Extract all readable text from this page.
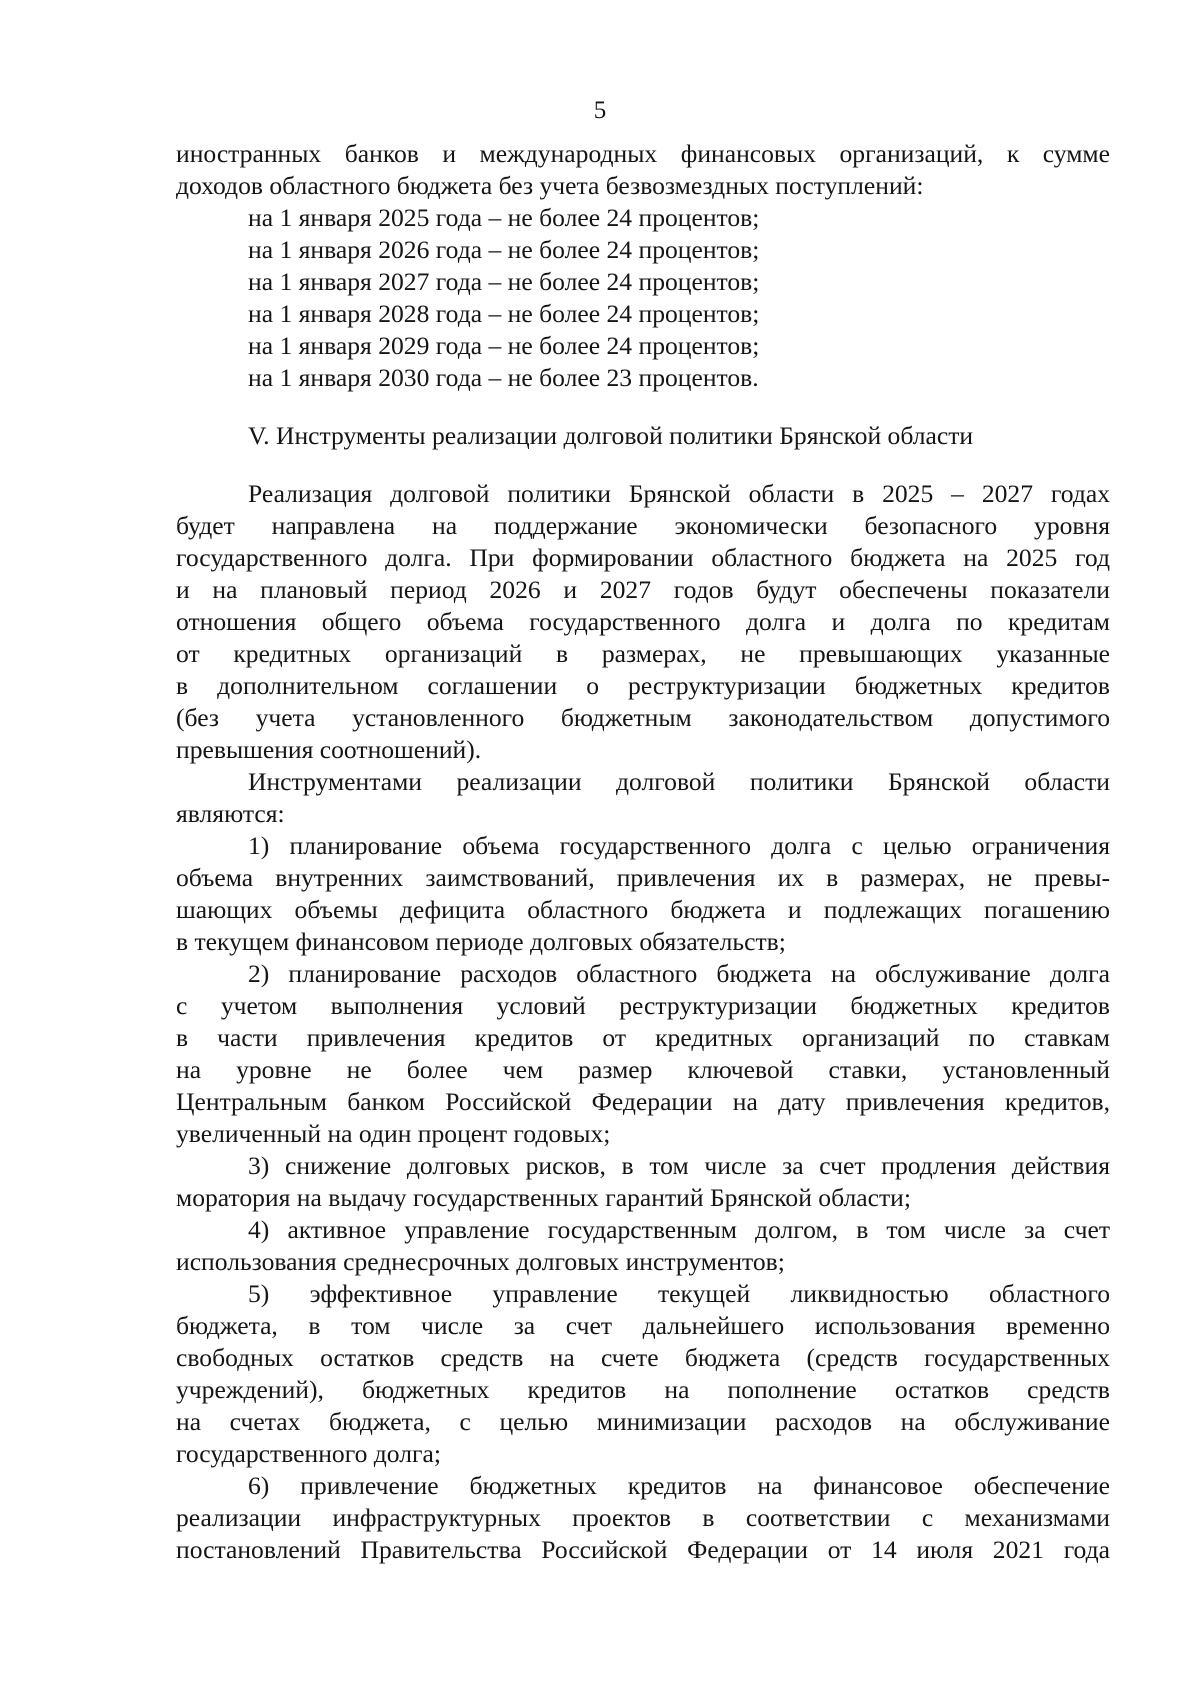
5

иностранных банков и международных финансовых организаций, к сумме

доходов областного бюджета без учета безвозмездных поступлений:

на 1 января 2025 года – не более 24 процентов;
на 1 января 2026 года – не более 24 процентов;
на 1 января 2027 года – не более 24 процентов;
на 1 января 2028 года – не более 24 процентов;
на 1 января 2029 года – не более 24 процентов;
на 1 января 2030 года – не более 23 процентов.
V. Инструменты реализации долговой политики Брянской области

Реализация долговой политики Брянской области в 2025 – 2027 годах

будет направлена на поддержание экономически безопасного уровня

государственного долга. При формировании областного бюджета на 2025 год

и на плановый период 2026 и 2027 годов будут обеспечены показатели

отношения общего объема государственного долга и долга по кредитам

от кредитных организаций в размерах, не превышающих указанные

в дополнительном соглашении о реструктуризации бюджетных кредитов

(без учета установленного бюджетным законодательством допустимого

превышения соотношений).

Инструментами реализации долговой политики Брянской области

являются:

1) планирование объема государственного долга с целью ограничения

объема внутренних заимствований, привлечения их в размерах, не превы-

шающих объемы дефицита областного бюджета и подлежащих погашению

в текущем финансовом периоде долговых обязательств;

2) планирование расходов областного бюджета на обслуживание долга

с учетом выполнения условий реструктуризации бюджетных кредитов

в части привлечения кредитов от кредитных организаций по ставкам

на уровне не более чем размер ключевой ставки, установленный

Центральным банком Российской Федерации на дату привлечения кредитов,

увеличенный на один процент годовых;

3) снижение долговых рисков, в том числе за счет продления действия

моратория на выдачу государственных гарантий Брянской области;

4) активное управление государственным долгом, в том числе за счет

использования среднесрочных долговых инструментов;

5) эффективное управление текущей ликвидностью областного

бюджета, в том числе за счет дальнейшего использования временно

свободных остатков средств на счете бюджета (средств государственных

учреждений), бюджетных кредитов на пополнение остатков средств

на счетах бюджета, с целью минимизации расходов на обслуживание

государственного долга;

6) привлечение бюджетных кредитов на финансовое обеспечение

реализации инфраструктурных проектов в соответствии с механизмами

постановлений Правительства Российской Федерации от 14 июля 2021 года
